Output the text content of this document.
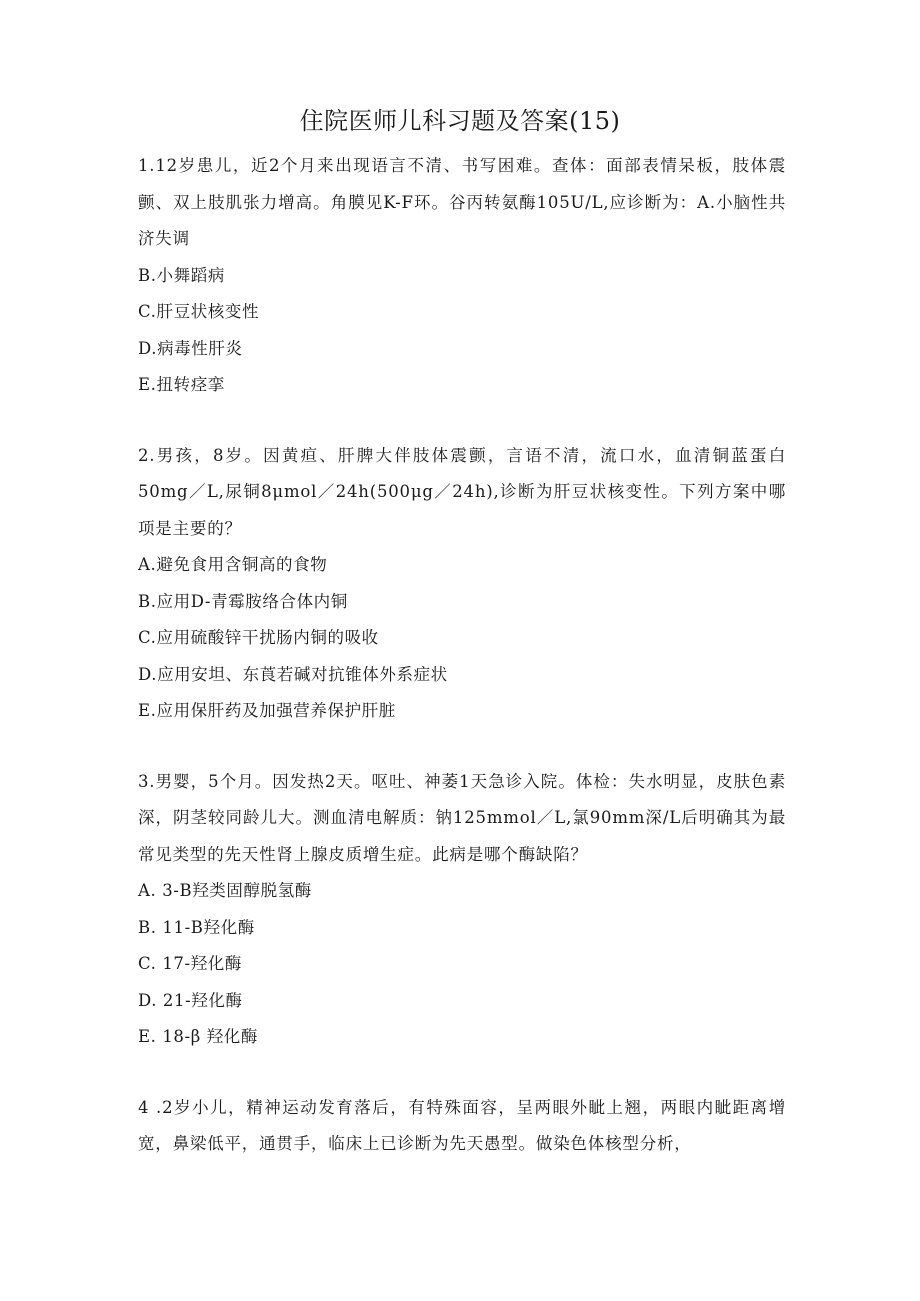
住院医师儿科习题及答案(15)
1.12岁患儿，近2个月来出现语言不清、书写困难。查体：面部表情呆板，肢体震颤、双上肢肌张力增高。角膜见K-F环。谷丙转氨酶105U/L,应诊断为：A.小脑性共济失调
B.小舞蹈病
C.肝豆状核变性
D.病毒性肝炎
E.扭转痉挛
2.男孩，8岁。因黄疸、肝脾大伴肢体震颤，言语不清，流口水，血清铜蓝蛋白50mg／L,尿铜8μmol／24h(500μg／24h),诊断为肝豆状核变性。下列方案中哪项是主要的？
A.避免食用含铜高的食物
B.应用D-青霉胺络合体内铜
C.应用硫酸锌干扰肠内铜的吸收
D.应用安坦、东莨若碱对抗锥体外系症状
E.应用保肝药及加强营养保护肝脏
3.男婴，5个月。因发热2天。呕吐、神萎1天急诊入院。体检：失水明显，皮肤色素深，阴茎较同龄儿大。测血清电解质：钠125mmol／L,氯90mm深/L后明确其为最常见类型的先天性肾上腺皮质增生症。此病是哪个酶缺陷？
A. 3-B羟类固醇脱氢酶
B. 11-B羟化酶
C. 17-羟化酶
D. 21-羟化酶
E. 18-β 羟化酶
4 .2岁小儿，精神运动发育落后，有特殊面容，呈两眼外眦上翘，两眼内眦距离增宽，鼻梁低平，通贯手，临床上已诊断为先天愚型。做染色体核型分析，
